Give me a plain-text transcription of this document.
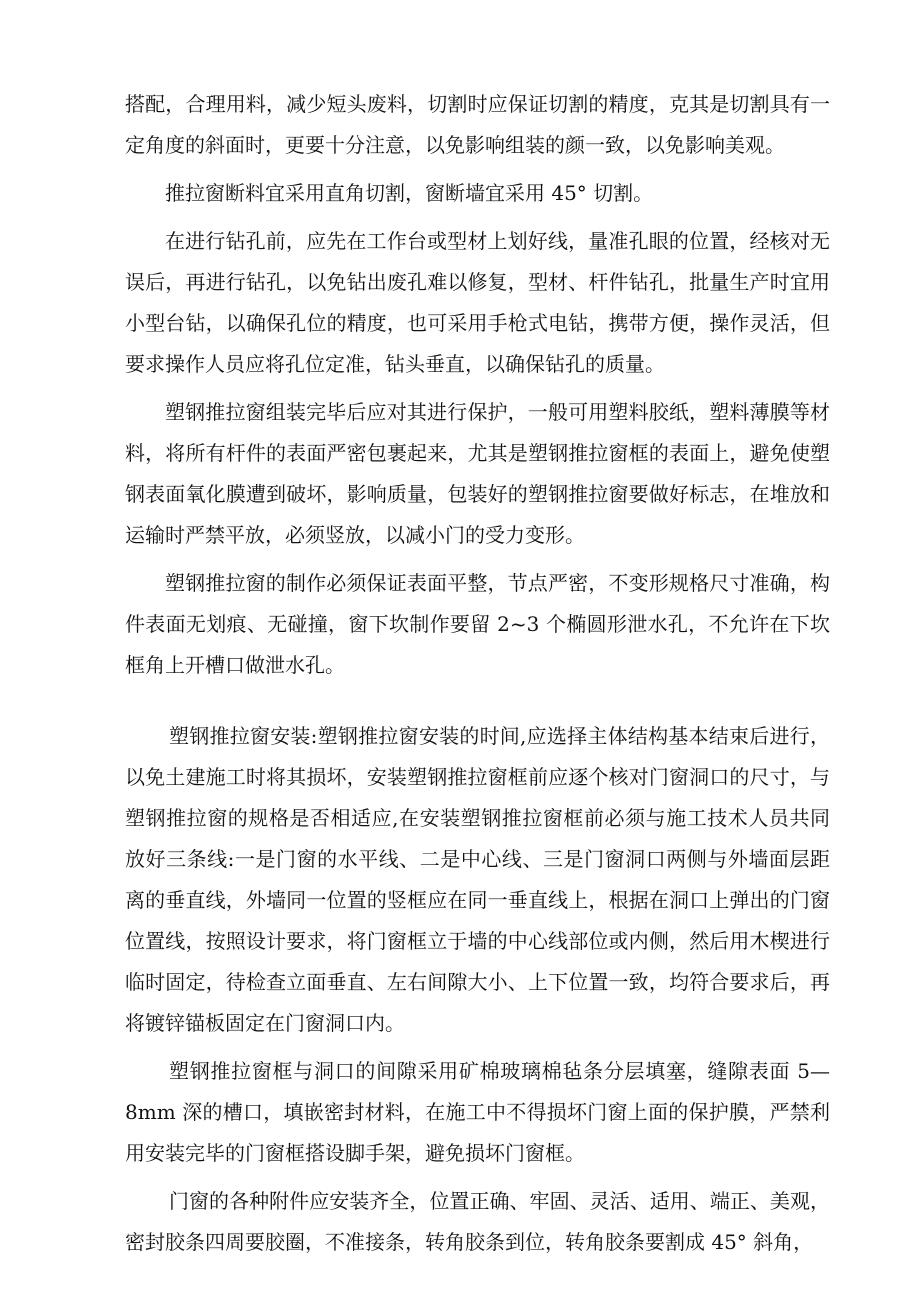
搭配，合理用料，减少短头废料，切割时应保证切割的精度，克其是切割具有一定角度的斜面时，更要十分注意，以免影响组装的颜一致，以免影响美观。

推拉窗断料宜采用直角切割，窗断墙宜采用 45° 切割。

在进行钻孔前，应先在工作台或型材上划好线，量准孔眼的位置，经核对无误后，再进行钻孔，以免钻出废孔难以修复，型材、杆件钻孔，批量生产时宜用小型台钻，以确保孔位的精度，也可采用手枪式电钻，携带方便，操作灵活，但要求操作人员应将孔位定准，钻头垂直，以确保钻孔的质量。

塑钢推拉窗组装完毕后应对其进行保护，一般可用塑料胶纸，塑料薄膜等材料，将所有杆件的表面严密包裹起来，尤其是塑钢推拉窗框的表面上，避免使塑钢表面氧化膜遭到破坏，影响质量，包装好的塑钢推拉窗要做好标志，在堆放和运输时严禁平放，必须竖放，以减小门的受力变形。

塑钢推拉窗的制作必须保证表面平整，节点严密，不变形规格尺寸准确，构件表面无划痕、无碰撞，窗下坎制作要留 2~3 个椭圆形泄水孔，不允许在下坎框角上开槽口做泄水孔。

塑钢推拉窗安装:塑钢推拉窗安装的时间,应选择主体结构基本结束后进行，以免土建施工时将其损坏，安装塑钢推拉窗框前应逐个核对门窗洞口的尺寸，与塑钢推拉窗的规格是否相适应,在安装塑钢推拉窗框前必须与施工技术人员共同放好三条线:一是门窗的水平线、二是中心线、三是门窗洞口两侧与外墙面层距离的垂直线，外墙同一位置的竖框应在同一垂直线上，根据在洞口上弹出的门窗位置线，按照设计要求，将门窗框立于墙的中心线部位或内侧，然后用木楔进行临时固定，待检查立面垂直、左右间隙大小、上下位置一致，均符合要求后，再将镀锌锚板固定在门窗洞口内。

塑钢推拉窗框与洞口的间隙采用矿棉玻璃棉毡条分层填塞，缝隙表面 5—8mm 深的槽口，填嵌密封材料，在施工中不得损坏门窗上面的保护膜，严禁利用安装完毕的门窗框搭设脚手架，避免损坏门窗框。

门窗的各种附件应安装齐全，位置正确、牢固、灵活、适用、端正、美观，密封胶条四周要胶圈，不准接条，转角胶条到位，转角胶条要割成 45° 斜角，
